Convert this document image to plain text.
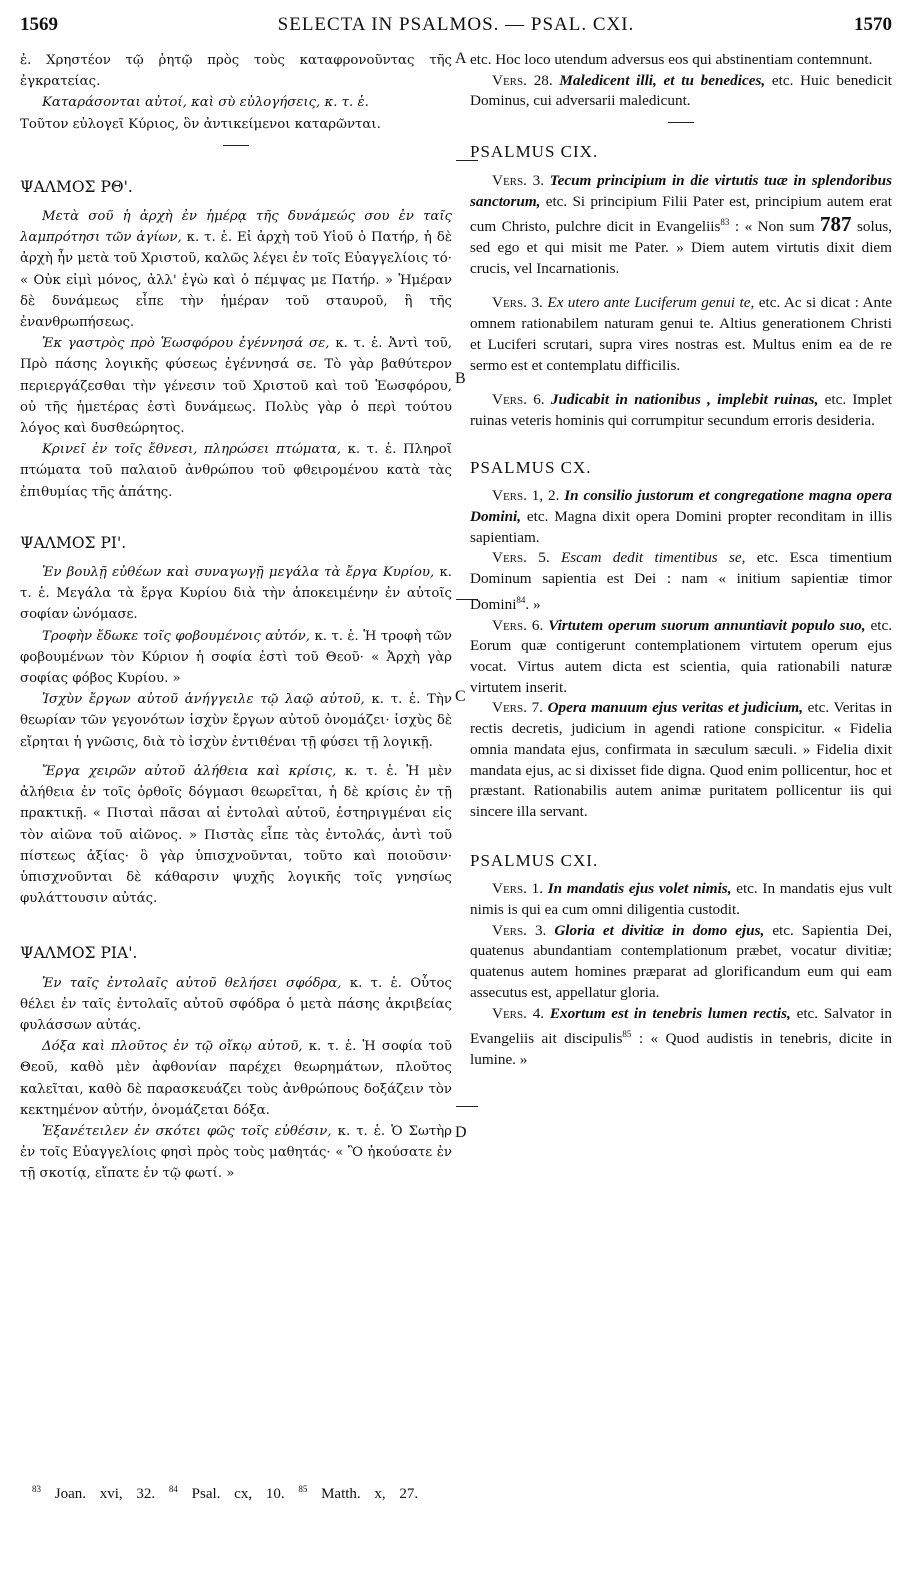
1569	SELECTA IN PSALMOS. — PSAL. CXI.	1570
A
B
C
D

ἐ. Χρηστέον τῷ ῥητῷ πρὸς τοὺς καταφρονοῦντας τῆς ἐγκρατείας.

Καταράσονται αὐτοί, καὶ σὺ εὐλογήσεις, κ. τ. ἑ.

Τοῦτον εὐλογεῖ Κύριος, ὃν ἀντικείμενοι καταρῶνται.

ΨΑΛΜΟΣ ΡΘ'.

Μετὰ σοῦ ἡ ἀρχὴ ἐν ἡμέρᾳ τῆς δυνάμεώς σου ἐν ταῖς λαμπρότησι τῶν ἁγίων, κ. τ. ἑ. Εἰ ἀρχὴ τοῦ Υἱοῦ ὁ Πατήρ, ἡ δὲ ἀρχὴ ἦν μετὰ τοῦ Χριστοῦ, καλῶς λέγει ἐν τοῖς Εὐαγγελίοις τό· « Οὐκ εἰμὶ μόνος, ἀλλ' ἐγὼ καὶ ὁ πέμψας με Πατήρ. » Ἡμέραν δὲ δυνάμεως εἶπε τὴν ἡμέραν τοῦ σταυροῦ, ἢ τῆς ἐνανθρωπήσεως.

Ἐκ γαστρὸς πρὸ Ἑωσφόρου ἐγέννησά σε, κ. τ. ἑ. Ἀντὶ τοῦ, Πρὸ πάσης λογικῆς φύσεως ἐγέννησά σε. Τὸ γὰρ βαθύτερον περιεργάζεσθαι τὴν γένεσιν τοῦ Χριστοῦ καὶ τοῦ Ἑωσφόρου, οὐ τῆς ἡμετέρας ἐστὶ δυνάμεως. Πολὺς γὰρ ὁ περὶ τούτου λόγος καὶ δυσθεώρητος.

Κρινεῖ ἐν τοῖς ἔθνεσι, πληρώσει πτώματα, κ. τ. ἑ. Πληροῖ πτώματα τοῦ παλαιοῦ ἀνθρώπου τοῦ φθειρομένου κατὰ τὰς ἐπιθυμίας τῆς ἀπάτης.

ΨΑΛΜΟΣ ΡΙ'.

Ἐν βουλῇ εὐθέων καὶ συναγωγῇ μεγάλα τὰ ἔργα Κυρίου, κ. τ. ἑ. Μεγάλα τὰ ἔργα Κυρίου διὰ τὴν ἀποκειμένην ἐν αὐτοῖς σοφίαν ὠνόμασε.

Τροφὴν ἔδωκε τοῖς φοβουμένοις αὐτόν, κ. τ. ἑ. Ἡ τροφὴ τῶν φοβουμένων τὸν Κύριον ἡ σοφία ἐστὶ τοῦ Θεοῦ· « Ἀρχὴ γὰρ σοφίας φόβος Κυρίου. »

Ἰσχὺν ἔργων αὐτοῦ ἀνήγγειλε τῷ λαῷ αὐτοῦ, κ. τ. ἑ. Τὴν θεωρίαν τῶν γεγονότων ἰσχὺν ἔργων αὐτοῦ ὀνομάζει· ἰσχὺς δὲ εἴρηται ἡ γνῶσις, διὰ τὸ ἰσχὺν ἐντιθέναι τῇ φύσει τῇ λογικῇ.

Ἔργα χειρῶν αὐτοῦ ἀλήθεια καὶ κρίσις, κ. τ. ἑ. Ἡ μὲν ἀλήθεια ἐν τοῖς ὀρθοῖς δόγμασι θεωρεῖται, ἡ δὲ κρίσις ἐν τῇ πρακτικῇ. « Πισταὶ πᾶσαι αἱ ἐντολαὶ αὐτοῦ, ἐστηριγμέναι εἰς τὸν αἰῶνα τοῦ αἰῶνος. » Πιστὰς εἶπε τὰς ἐντολάς, ἀντὶ τοῦ πίστεως ἀξίας· ὃ γὰρ ὑπισχνοῦνται, τοῦτο καὶ ποιοῦσιν· ὑπισχνοῦνται δὲ κάθαρσιν ψυχῆς λογικῆς τοῖς γνησίως φυλάττουσιν αὐτάς.

ΨΑΛΜΟΣ ΡΙΑ'.

Ἐν ταῖς ἐντολαῖς αὐτοῦ θελήσει σφόδρα, κ. τ. ἑ. Οὗτος θέλει ἐν ταῖς ἐντολαῖς αὐτοῦ σφόδρα ὁ μετὰ πάσης ἀκριβείας φυλάσσων αὐτάς.

Δόξα καὶ πλοῦτος ἐν τῷ οἴκῳ αὐτοῦ, κ. τ. ἑ. Ἡ σοφία τοῦ Θεοῦ, καθὸ μὲν ἀφθονίαν παρέχει θεωρημάτων, πλοῦτος καλεῖται, καθὸ δὲ παρασκευάζει τοὺς ἀνθρώπους δοξάζειν τὸν κεκτημένον αὐτήν, ὀνομάζεται δόξα.

Ἐξανέτειλεν ἐν σκότει φῶς τοῖς εὐθέσιν, κ. τ. ἑ. Ὁ Σωτὴρ ἐν τοῖς Εὐαγγελίοις φησὶ πρὸς τοὺς μαθητάς· « Ὃ ἠκούσατε ἐν τῇ σκοτίᾳ, εἴπατε ἐν τῷ φωτί. »

etc. Hoc loco utendum adversus eos qui abstinentiam contemnunt.

Vers. 28. Maledicent illi, et tu benedices, etc. Huic benedicit Dominus, cui adversarii maledicunt.

PSALMUS CIX.

Vers. 3. Tecum principium in die virtutis tuæ in splendoribus sanctorum, etc. Si principium Filii Pater est, principium autem erat cum Christo, pulchre dicit in Evangeliis$^{83}$ : « Non sum 787 solus, sed ego et qui misit me Pater. » Diem autem virtutis dixit diem crucis, vel Incarnationis.

Vers. 3. Ex utero ante Luciferum genui te, etc. Ac si dicat : Ante omnem rationabilem naturam genui te. Altius generationem Christi et Luciferi scrutari, supra vires nostras est. Multus enim ea de re sermo est et contemplatu difficilis.

Vers. 6. Judicabit in nationibus , implebit ruinas, etc. Implet ruinas veteris hominis qui corrumpitur secundum erroris desideria.

PSALMUS CX.

Vers. 1, 2. In consilio justorum et congregatione magna opera Domini, etc. Magna dixit opera Domini propter reconditam in illis sapientiam.

Vers. 5. Escam dedit timentibus se, etc. Esca timentium Dominum sapientia est Dei : nam « initium sapientiæ timor Domini$^{84}$. »

Vers. 6. Virtutem operum suorum annuntiavit populo suo, etc. Eorum quæ contigerunt contemplationem virtutem operum ejus vocat. Virtus autem dicta est scientia, quia rationabili naturæ virtutem inserit.

Vers. 7. Opera manuum ejus veritas et judicium, etc. Veritas in rectis decretis, judicium in agendi ratione conspicitur. « Fidelia omnia mandata ejus, confirmata in sæculum sæculi. » Fidelia dixit mandata ejus, ac si dixisset fide digna. Quod enim pollicentur, hoc et præstant. Rationabilis autem animæ puritatem pollicentur iis qui sincere illa servant.

PSALMUS CXI.

Vers. 1. In mandatis ejus volet nimis, etc. In mandatis ejus vult nimis is qui ea cum omni diligentia custodit.

Vers. 3. Gloria et divitiæ in domo ejus, etc. Sapientia Dei, quatenus abundantiam contemplationum præbet, vocatur divitiæ; quatenus autem homines præparat ad glorificandum eum qui eam assecutus est, appellatur gloria.

Vers. 4. Exortum est in tenebris lumen rectis, etc. Salvator in Evangeliis ait discipulis$^{85}$ : « Quod audistis in tenebris, dicite in lumine. »

$^{83}$ Joan. xvi, 32. $^{84}$ Psal. cx, 10. $^{85}$ Matth. x, 27.
